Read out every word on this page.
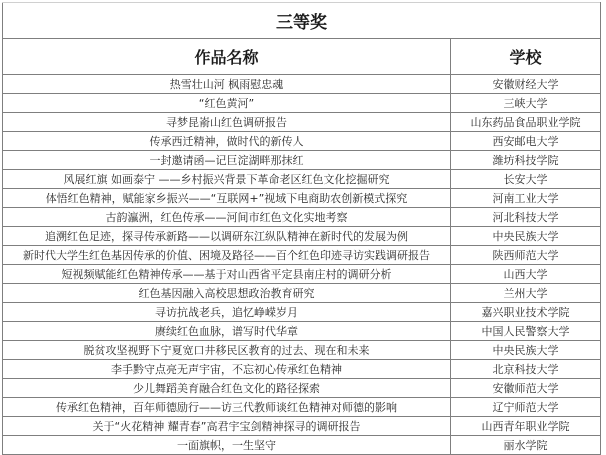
三等奖	
作品名称	学校
热雪壮山河 枫雨慰忠魂	安徽财经大学
“红色黄河”	三峡大学
寻梦昆嵛山红色调研报告	山东药品食品职业学院
传承西迁精神，做时代的新传人	西安邮电大学
一封邀请函—记巨淀湖畔那抹红	潍坊科技学院
风展红旗 如画泰宁 ——乡村振兴背景下革命老区红色文化挖掘研究	长安大学
体悟红色精神，赋能家乡振兴——“互联网+”视域下电商助农创新模式探究	河南工业大学
古韵瀛洲，红色传承——河间市红色文化实地考察	河北科技大学
追溯红色足迹，探寻传承新路——以调研东江纵队精神在新时代的发展为例	中央民族大学
新时代大学生红色基因传承的价值、困境及路径——百个红色印迹寻访实践调研报告	陕西师范大学
短视频赋能红色精神传承——基于对山西省平定县南庄村的调研分析	山西大学
红色基因融入高校思想政治教育研究	兰州大学
寻访抗战老兵，追忆峥嵘岁月	嘉兴职业技术学院
赓续红色血脉，谱写时代华章	中国人民警察大学
脱贫攻坚视野下宁夏宽口井移民区教育的过去、现在和未来	中央民族大学
李手黔守点亮无声宇宙，不忘初心传承红色精神	北京科技大学
少儿舞蹈美育融合红色文化的路径探索	安徽师范大学
传承红色精神，百年师德励行——访三代教师谈红色精神对师德的影响	辽宁师范大学
关于“火花精神 耀青春”高君宇宝剑精神探寻的调研报告	山西青年职业学院
一面旗帜，一生坚守	丽水学院
